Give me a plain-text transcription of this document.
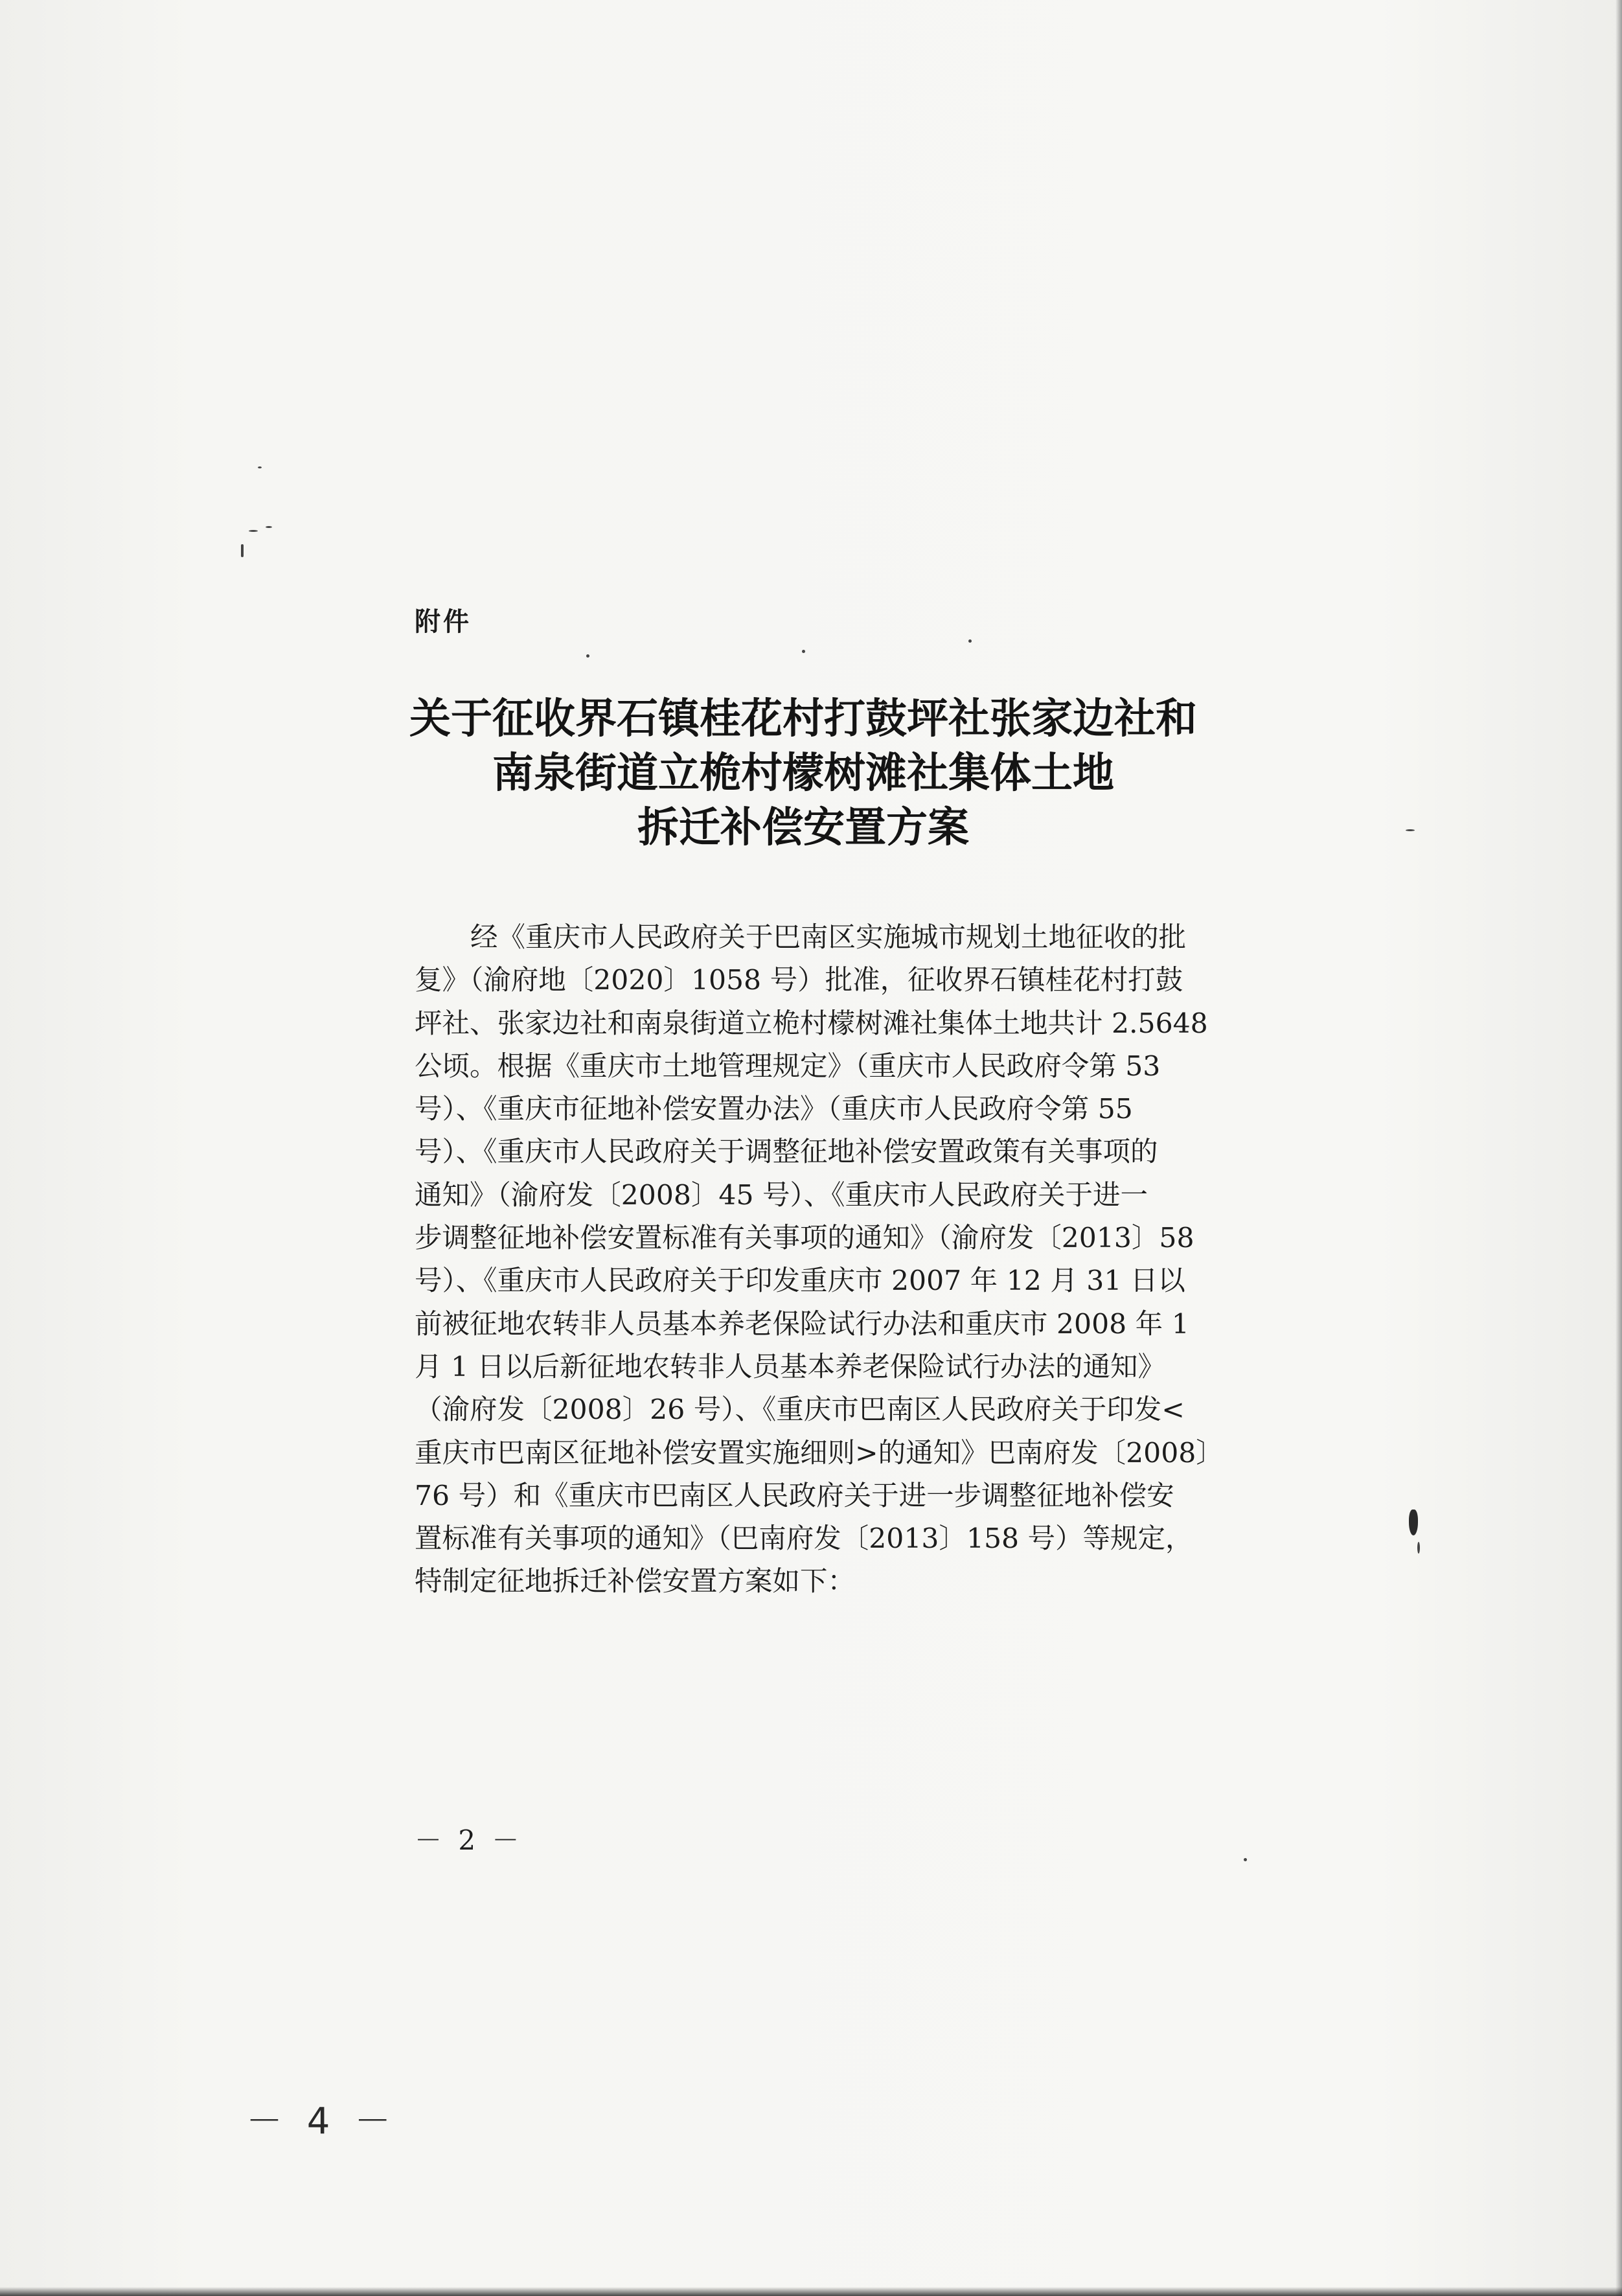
附件
关于征收界石镇桂花村打鼓坪社张家边社和
南泉街道立桅村檬树滩社集体土地
拆迁补偿安置方案
经《重庆市人民政府关于巴南区实施城市规划土地征收的批
复》（渝府地〔2020〕1058 号）批准，征收界石镇桂花村打鼓
坪社、张家边社和南泉街道立桅村檬树滩社集体土地共计 2.5648
公顷。根据《重庆市土地管理规定》（重庆市人民政府令第 53
号）、《重庆市征地补偿安置办法》（重庆市人民政府令第 55
号）、《重庆市人民政府关于调整征地补偿安置政策有关事项的
通知》（渝府发〔2008〕45 号）、《重庆市人民政府关于进一
步调整征地补偿安置标准有关事项的通知》（渝府发〔2013〕58
号）、《重庆市人民政府关于印发重庆市 2007 年 12 月 31 日以
前被征地农转非人员基本养老保险试行办法和重庆市 2008 年 1
月 1 日以后新征地农转非人员基本养老保险试行办法的通知》
（渝府发〔2008〕26 号）、《重庆市巴南区人民政府关于印发<
重庆市巴南区征地补偿安置实施细则>的通知》巴南府发〔2008〕
76 号）和《重庆市巴南区人民政府关于进一步调整征地补偿安
置标准有关事项的通知》（巴南府发〔2013〕158 号）等规定，
特制定征地拆迁补偿安置方案如下：
－ 2 －
－ 4 －
